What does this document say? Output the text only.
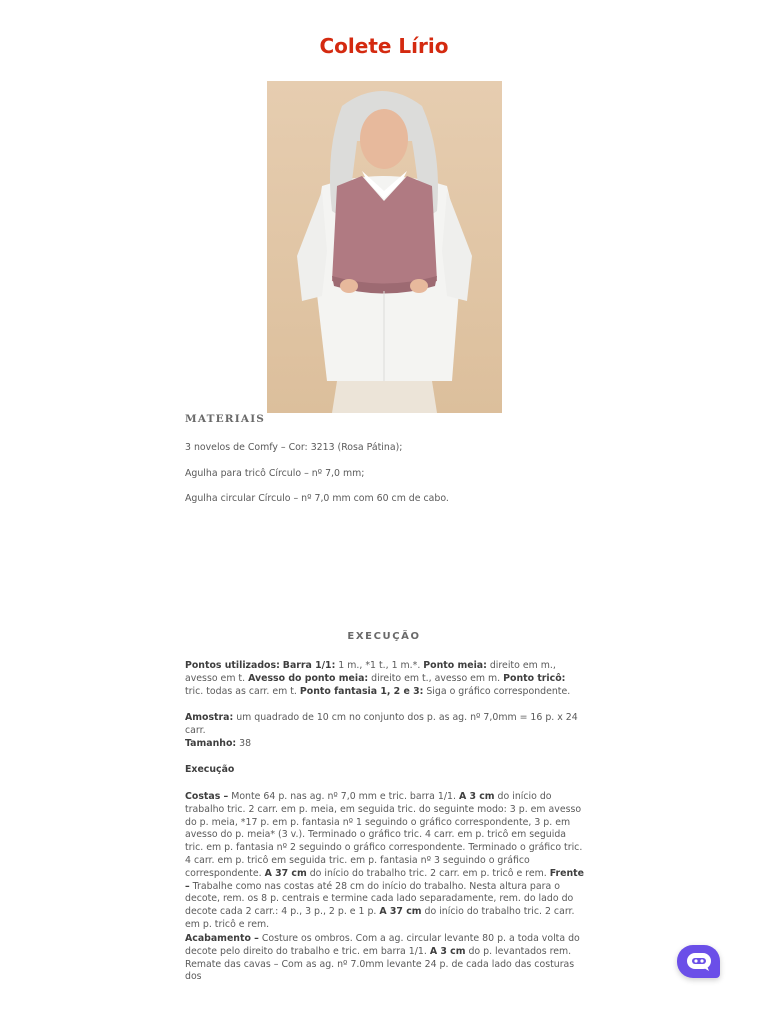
Colete Lírio
MATERIAIS
3 novelos de Comfy – Cor: 3213 (Rosa Pátina);
Agulha para tricô Círculo – nº 7,0 mm;
Agulha circular Círculo – nº 7,0 mm com 60 cm de cabo.
EXECUÇÃO

Pontos utilizados: Barra 1/1: 1 m., *1 t., 1 m.*. Ponto meia: direito em m., avesso em t. Avesso do ponto meia: direito em t., avesso em m. Ponto tricô: tric. todas as carr. em t. Ponto fantasia 1, 2 e 3: Siga o gráfico correspondente.

Amostra: um quadrado de 10 cm no conjunto dos p. as ag. nº 7,0mm = 16 p. x 24 carr.

Tamanho: 38

Execução

Costas – Monte 64 p. nas ag. nº 7,0 mm e tric. barra 1/1. A 3 cm do início do trabalho tric. 2 carr. em p. meia, em seguida tric. do seguinte modo: 3 p. em avesso do p. meia, *17 p. em p. fantasia nº 1 seguindo o gráfico correspondente, 3 p. em avesso do p. meia* (3 v.). Terminado o gráfico tric. 4 carr. em p. tricô em seguida tric. em p. fantasia nº 2 seguindo o gráfico correspondente. Terminado o gráfico tric. 4 carr. em p. tricô em seguida tric. em p. fantasia nº 3 seguindo o gráfico correspondente. A 37 cm do início do trabalho tric. 2 carr. em p. tricô e rem. Frente – Trabalhe como nas costas até 28 cm do início do trabalho. Nesta altura para o decote, rem. os 8 p. centrais e termine cada lado separadamente, rem. do lado do decote cada 2 carr.: 4 p., 3 p., 2 p. e 1 p. A 37 cm do início do trabalho tric. 2 carr. em p. tricô e rem.

Acabamento – Costure os ombros. Com a ag. circular levante 80 p. a toda volta do decote pelo direito do trabalho e tric. em barra 1/1. A 3 cm do p. levantados rem. Remate das cavas – Com as ag. nº 7.0mm levante 24 p. de cada lado das costuras dos
